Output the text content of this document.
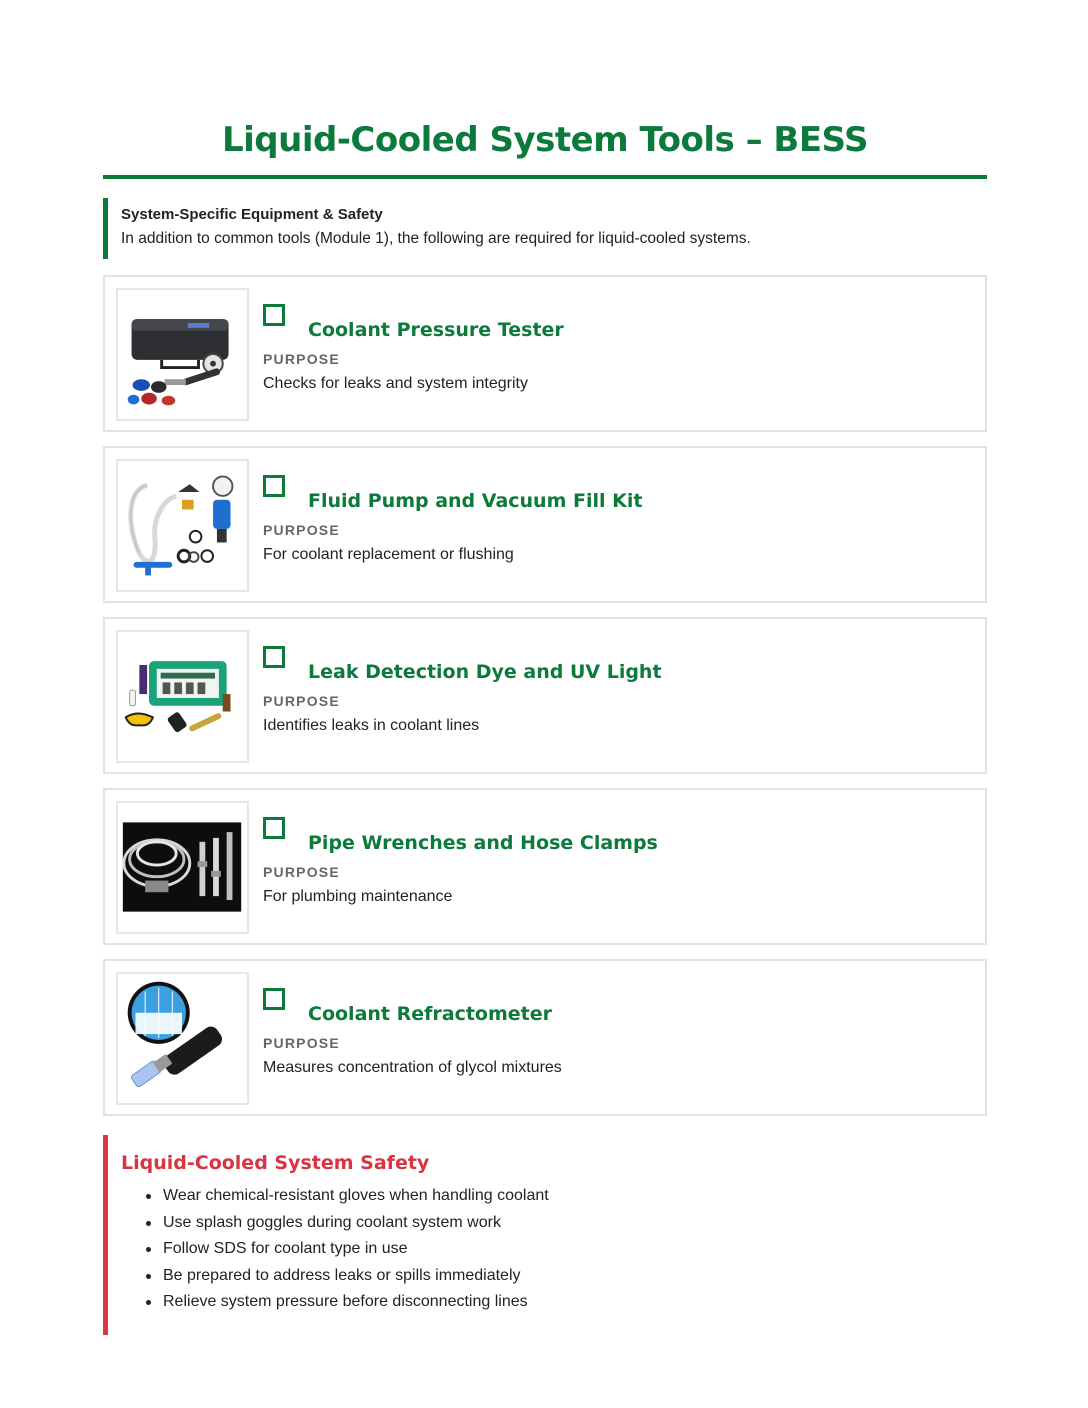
Liquid-Cooled System Tools – BESS
System-Specific Equipment & Safety
In addition to common tools (Module 1), the following are required for liquid-cooled systems.
Coolant Pressure Tester
PURPOSE
Checks for leaks and system integrity
Fluid Pump and Vacuum Fill Kit
PURPOSE
For coolant replacement or flushing
Leak Detection Dye and UV Light
PURPOSE
Identifies leaks in coolant lines
Pipe Wrenches and Hose Clamps
PURPOSE
For plumbing maintenance
Coolant Refractometer
PURPOSE
Measures concentration of glycol mixtures
Liquid-Cooled System Safety
Wear chemical-resistant gloves when handling coolant
Use splash goggles during coolant system work
Follow SDS for coolant type in use
Be prepared to address leaks or spills immediately
Relieve system pressure before disconnecting lines
